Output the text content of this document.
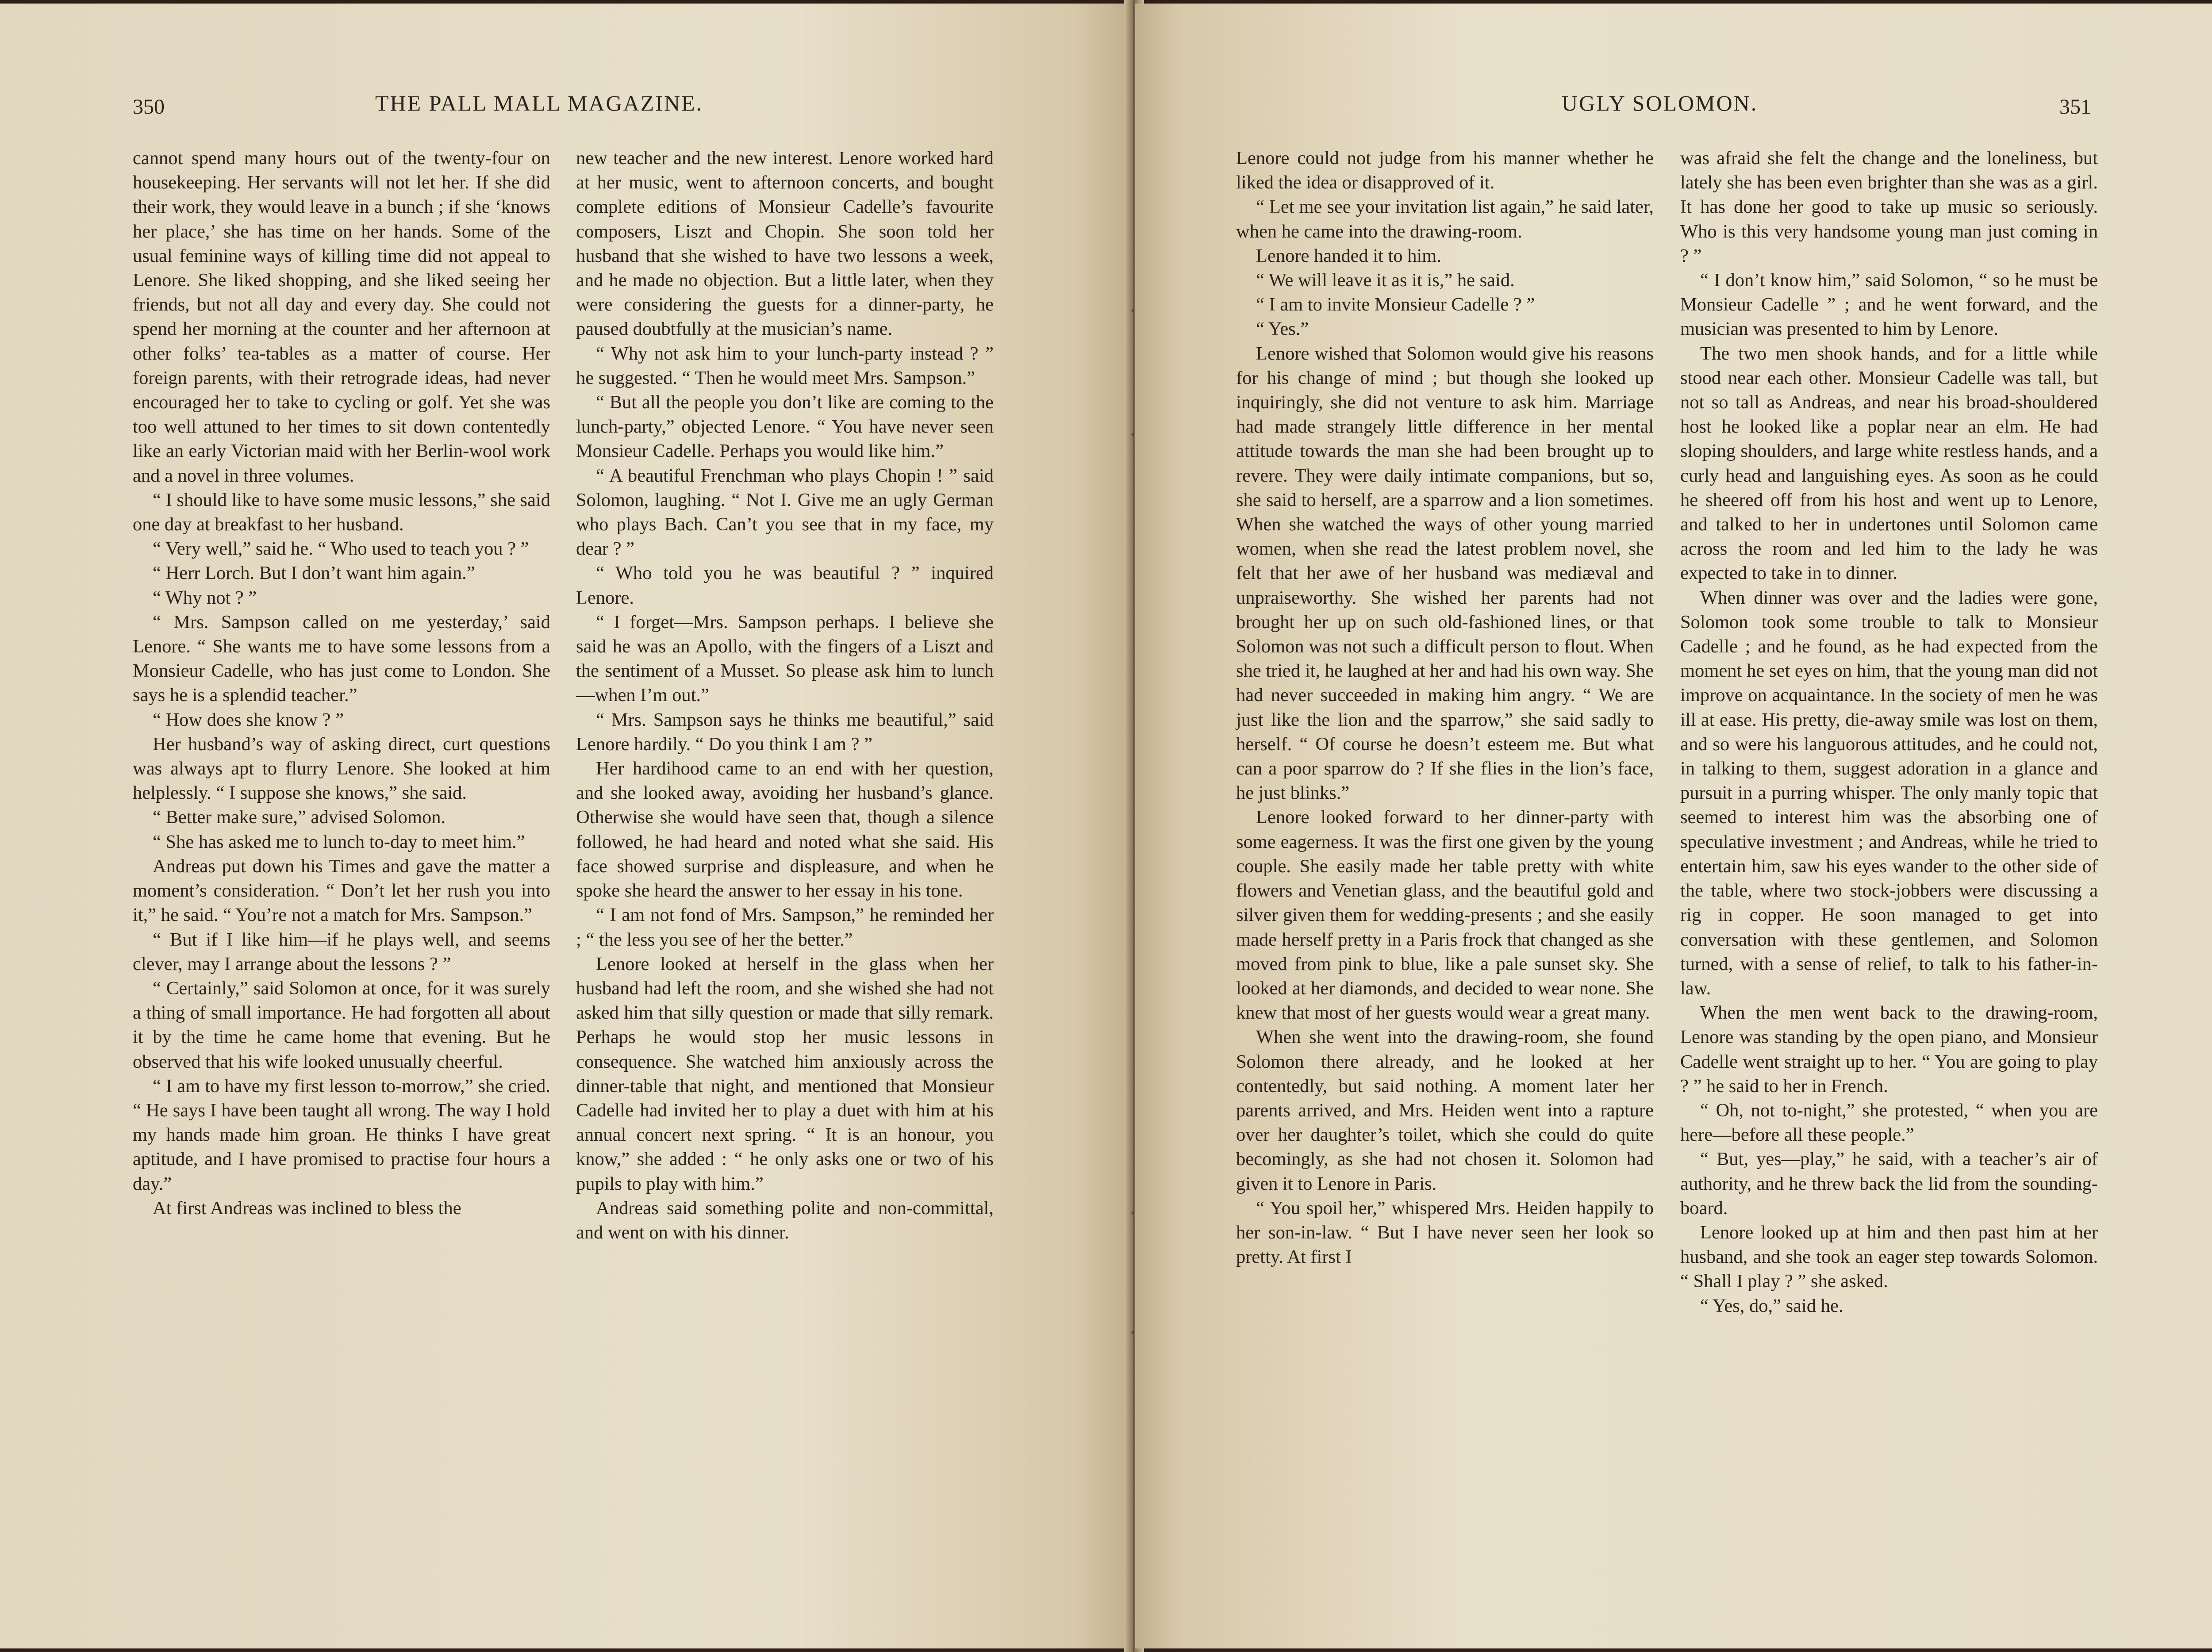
350	THE PALL MALL MAGAZINE.

cannot spend many hours out of the twenty-four on housekeeping. Her servants will not let her. If she did their work, they would leave in a bunch ; if she ‘knows her place,’ she has time on her hands. Some of the usual feminine ways of killing time did not appeal to Lenore. She liked shopping, and she liked seeing her friends, but not all day and every day. She could not spend her morning at the counter and her afternoon at other folks’ tea-tables as a matter of course. Her foreign parents, with their retrograde ideas, had never encouraged her to take to cycling or golf. Yet she was too well attuned to her times to sit down contentedly like an early Victorian maid with her Berlin-wool work and a novel in three volumes.

“ I should like to have some music lessons,” she said one day at breakfast to her husband.

“ Very well,” said he. “ Who used to teach you ? ”

“ Herr Lorch. But I don’t want him again.”

“ Why not ? ”

“ Mrs. Sampson called on me yesterday,’ said Lenore. “ She wants me to have some lessons from a Monsieur Cadelle, who has just come to London. She says he is a splendid teacher.”

“ How does she know ? ”

Her husband’s way of asking direct, curt questions was always apt to flurry Lenore. She looked at him helplessly. “ I suppose she knows,” she said.

“ Better make sure,” advised Solomon.

“ She has asked me to lunch to-day to meet him.”

Andreas put down his Times and gave the matter a moment’s consideration. “ Don’t let her rush you into it,” he said. “ You’re not a match for Mrs. Sampson.”

“ But if I like him—if he plays well, and seems clever, may I arrange about the lessons ? ”

“ Certainly,” said Solomon at once, for it was surely a thing of small importance. He had forgotten all about it by the time he came home that evening. But he observed that his wife looked unusually cheerful.

“ I am to have my first lesson to-morrow,” she cried. “ He says I have been taught all wrong. The way I hold my hands made him groan. He thinks I have great aptitude, and I have promised to practise four hours a day.”

At first Andreas was inclined to bless the

new teacher and the new interest. Lenore worked hard at her music, went to afternoon concerts, and bought complete editions of Monsieur Cadelle’s favourite composers, Liszt and Chopin. She soon told her husband that she wished to have two lessons a week, and he made no objection. But a little later, when they were considering the guests for a dinner-party, he paused doubtfully at the musician’s name.

“ Why not ask him to your lunch-party instead ? ” he suggested. “ Then he would meet Mrs. Sampson.”

“ But all the people you don’t like are coming to the lunch-party,” objected Lenore. “ You have never seen Monsieur Cadelle. Perhaps you would like him.”

“ A beautiful Frenchman who plays Chopin ! ” said Solomon, laughing. “ Not I. Give me an ugly German who plays Bach. Can’t you see that in my face, my dear ? ”

“ Who told you he was beautiful ? ” inquired Lenore.

“ I forget—Mrs. Sampson perhaps. I believe she said he was an Apollo, with the fingers of a Liszt and the sentiment of a Musset. So please ask him to lunch—when I’m out.”

“ Mrs. Sampson says he thinks me beautiful,” said Lenore hardily. “ Do you think I am ? ”

Her hardihood came to an end with her question, and she looked away, avoiding her husband’s glance. Otherwise she would have seen that, though a silence followed, he had heard and noted what she said. His face showed surprise and displeasure, and when he spoke she heard the answer to her essay in his tone.

“ I am not fond of Mrs. Sampson,” he reminded her ; “ the less you see of her the better.”

Lenore looked at herself in the glass when her husband had left the room, and she wished she had not asked him that silly question or made that silly remark. Perhaps he would stop her music lessons in consequence. She watched him anxiously across the dinner-table that night, and mentioned that Monsieur Cadelle had invited her to play a duet with him at his annual concert next spring. “ It is an honour, you know,” she added : “ he only asks one or two of his pupils to play with him.”

Andreas said something polite and non-committal, and went on with his dinner.

UGLY SOLOMON.	351

Lenore could not judge from his manner whether he liked the idea or disapproved of it.

“ Let me see your invitation list again,” he said later, when he came into the drawing-room.

Lenore handed it to him.

“ We will leave it as it is,” he said.

“ I am to invite Monsieur Cadelle ? ”

“ Yes.”

Lenore wished that Solomon would give his reasons for his change of mind ; but though she looked up inquiringly, she did not venture to ask him. Marriage had made strangely little difference in her mental attitude towards the man she had been brought up to revere. They were daily intimate companions, but so, she said to herself, are a sparrow and a lion sometimes. When she watched the ways of other young married women, when she read the latest problem novel, she felt that her awe of her husband was mediæval and unpraiseworthy. She wished her parents had not brought her up on such old-fashioned lines, or that Solomon was not such a difficult person to flout. When she tried it, he laughed at her and had his own way. She had never succeeded in making him angry. “ We are just like the lion and the sparrow,” she said sadly to herself. “ Of course he doesn’t esteem me. But what can a poor sparrow do ? If she flies in the lion’s face, he just blinks.”

Lenore looked forward to her dinner-party with some eagerness. It was the first one given by the young couple. She easily made her table pretty with white flowers and Venetian glass, and the beautiful gold and silver given them for wedding-presents ; and she easily made herself pretty in a Paris frock that changed as she moved from pink to blue, like a pale sunset sky. She looked at her diamonds, and decided to wear none. She knew that most of her guests would wear a great many.

When she went into the drawing-room, she found Solomon there already, and he looked at her contentedly, but said nothing. A moment later her parents arrived, and Mrs. Heiden went into a rapture over her daughter’s toilet, which she could do quite becomingly, as she had not chosen it. Solomon had given it to Lenore in Paris.

“ You spoil her,” whispered Mrs. Heiden happily to her son-in-law. “ But I have never seen her look so pretty. At first I

was afraid she felt the change and the loneliness, but lately she has been even brighter than she was as a girl. It has done her good to take up music so seriously. Who is this very handsome young man just coming in ? ”

“ I don’t know him,” said Solomon, “ so he must be Monsieur Cadelle ” ; and he went forward, and the musician was presented to him by Lenore.

The two men shook hands, and for a little while stood near each other. Monsieur Cadelle was tall, but not so tall as Andreas, and near his broad-shouldered host he looked like a poplar near an elm. He had sloping shoulders, and large white restless hands, and a curly head and languishing eyes. As soon as he could he sheered off from his host and went up to Lenore, and talked to her in undertones until Solomon came across the room and led him to the lady he was expected to take in to dinner.

When dinner was over and the ladies were gone, Solomon took some trouble to talk to Monsieur Cadelle ; and he found, as he had expected from the moment he set eyes on him, that the young man did not improve on acquaintance. In the society of men he was ill at ease. His pretty, die-away smile was lost on them, and so were his languorous attitudes, and he could not, in talking to them, suggest adoration in a glance and pursuit in a purring whisper. The only manly topic that seemed to interest him was the absorbing one of speculative investment ; and Andreas, while he tried to entertain him, saw his eyes wander to the other side of the table, where two stock-jobbers were discussing a rig in copper. He soon managed to get into conversation with these gentlemen, and Solomon turned, with a sense of relief, to talk to his father-in-law.

When the men went back to the drawing-room, Lenore was standing by the open piano, and Monsieur Cadelle went straight up to her. “ You are going to play ? ” he said to her in French.

“ Oh, not to-night,” she protested, “ when you are here—before all these people.”

“ But, yes—play,” he said, with a teacher’s air of authority, and he threw back the lid from the sounding-board.

Lenore looked up at him and then past him at her husband, and she took an eager step towards Solomon. “ Shall I play ? ” she asked.

“ Yes, do,” said he.

•
•
•
•
